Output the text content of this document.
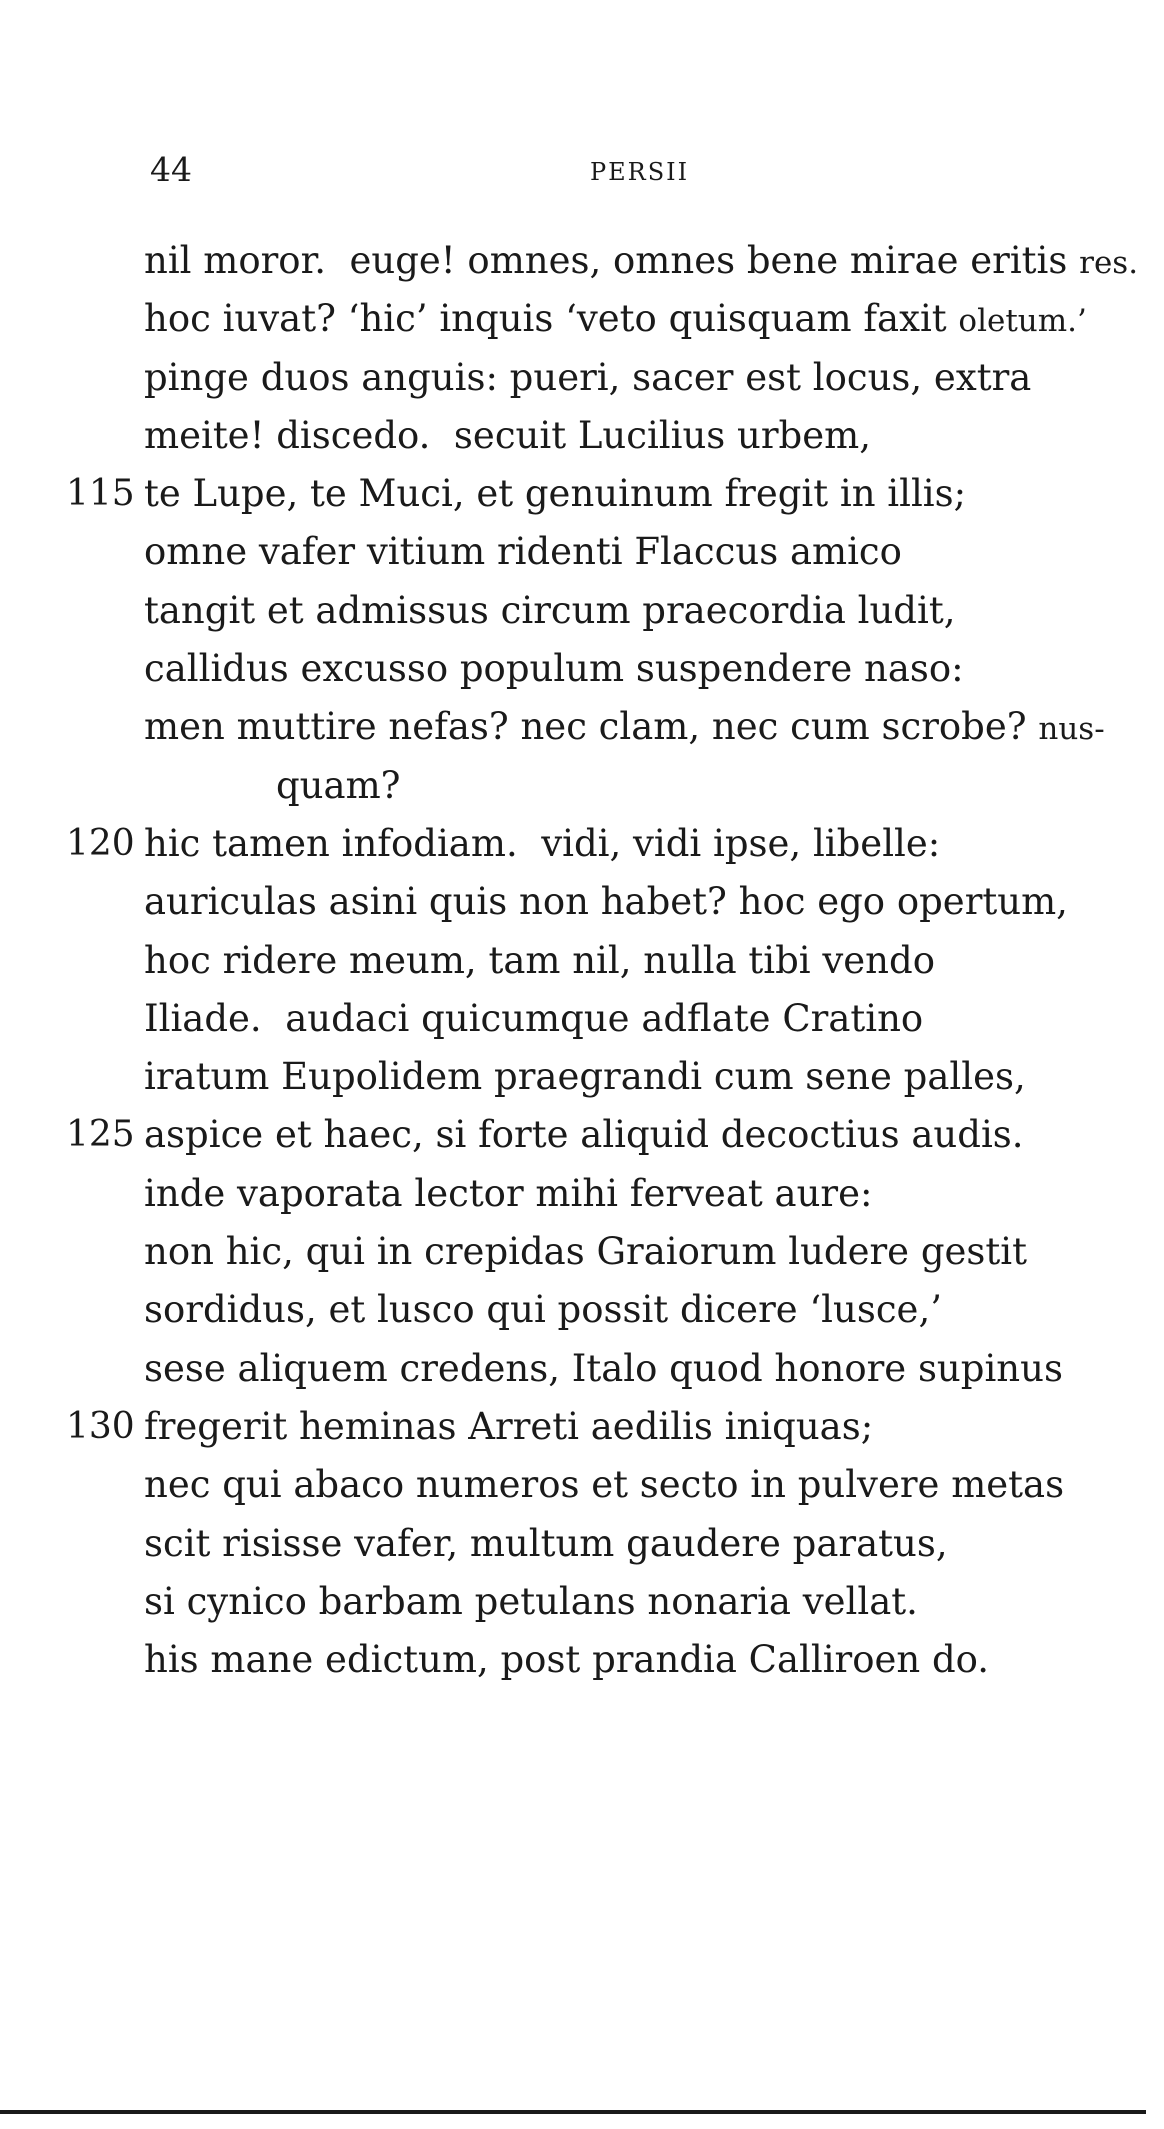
44	PERSII
nil moror.  euge! omnes, omnes bene mirae eritis res.
hoc iuvat? ‘hic’ inquis ‘veto quisquam faxit oletum.’
pinge duos anguis: pueri, sacer est locus, extra
meite! discedo.  secuit Lucilius urbem,
115 te Lupe, te Muci, et genuinum fregit in illis;
omne vafer vitium ridenti Flaccus amico
tangit et admissus circum praecordia ludit,
callidus excusso populum suspendere naso:
men muttire nefas? nec clam, nec cum scrobe? nus-
quam?
120 hic tamen infodiam.  vidi, vidi ipse, libelle:
auriculas asini quis non habet? hoc ego opertum,
hoc ridere meum, tam nil, nulla tibi vendo
Iliade.  audaci quicumque adflate Cratino
iratum Eupolidem praegrandi cum sene palles,
125 aspice et haec, si forte aliquid decoctius audis.
inde vaporata lector mihi ferveat aure:
non hic, qui in crepidas Graiorum ludere gestit
sordidus, et lusco qui possit dicere ‘lusce,’
sese aliquem credens, Italo quod honore supinus
130 fregerit heminas Arreti aedilis iniquas;
nec qui abaco numeros et secto in pulvere metas
scit risisse vafer, multum gaudere paratus,
si cynico barbam petulans nonaria vellat.
his mane edictum, post prandia Calliroen do.
